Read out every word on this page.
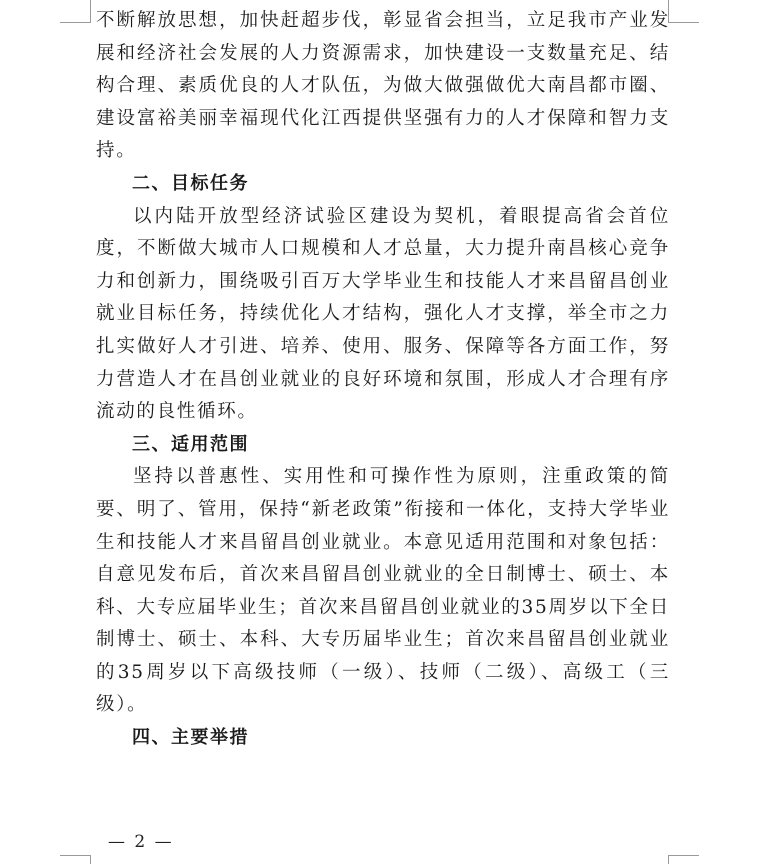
不断解放思想，加快赶超步伐，彰显省会担当，立足我市产业发展和经济社会发展的人力资源需求，加快建设一支数量充足、结构合理、素质优良的人才队伍，为做大做强做优大南昌都市圈、建设富裕美丽幸福现代化江西提供坚强有力的人才保障和智力支持。

二、目标任务

以内陆开放型经济试验区建设为契机，着眼提高省会首位度，不断做大城市人口规模和人才总量，大力提升南昌核心竞争力和创新力，围绕吸引百万大学毕业生和技能人才来昌留昌创业就业目标任务，持续优化人才结构，强化人才支撑，举全市之力扎实做好人才引进、培养、使用、服务、保障等各方面工作，努力营造人才在昌创业就业的良好环境和氛围，形成人才合理有序流动的良性循环。

三、适用范围

坚持以普惠性、实用性和可操作性为原则，注重政策的简要、明了、管用，保持“新老政策”衔接和一体化，支持大学毕业生和技能人才来昌留昌创业就业。本意见适用范围和对象包括：自意见发布后，首次来昌留昌创业就业的全日制博士、硕士、本科、大专应届毕业生；首次来昌留昌创业就业的35周岁以下全日制博士、硕士、本科、大专历届毕业生；首次来昌留昌创业就业的35周岁以下高级技师（一级）、技师（二级）、高级工（三级）。

四、主要举措

— 2 —
